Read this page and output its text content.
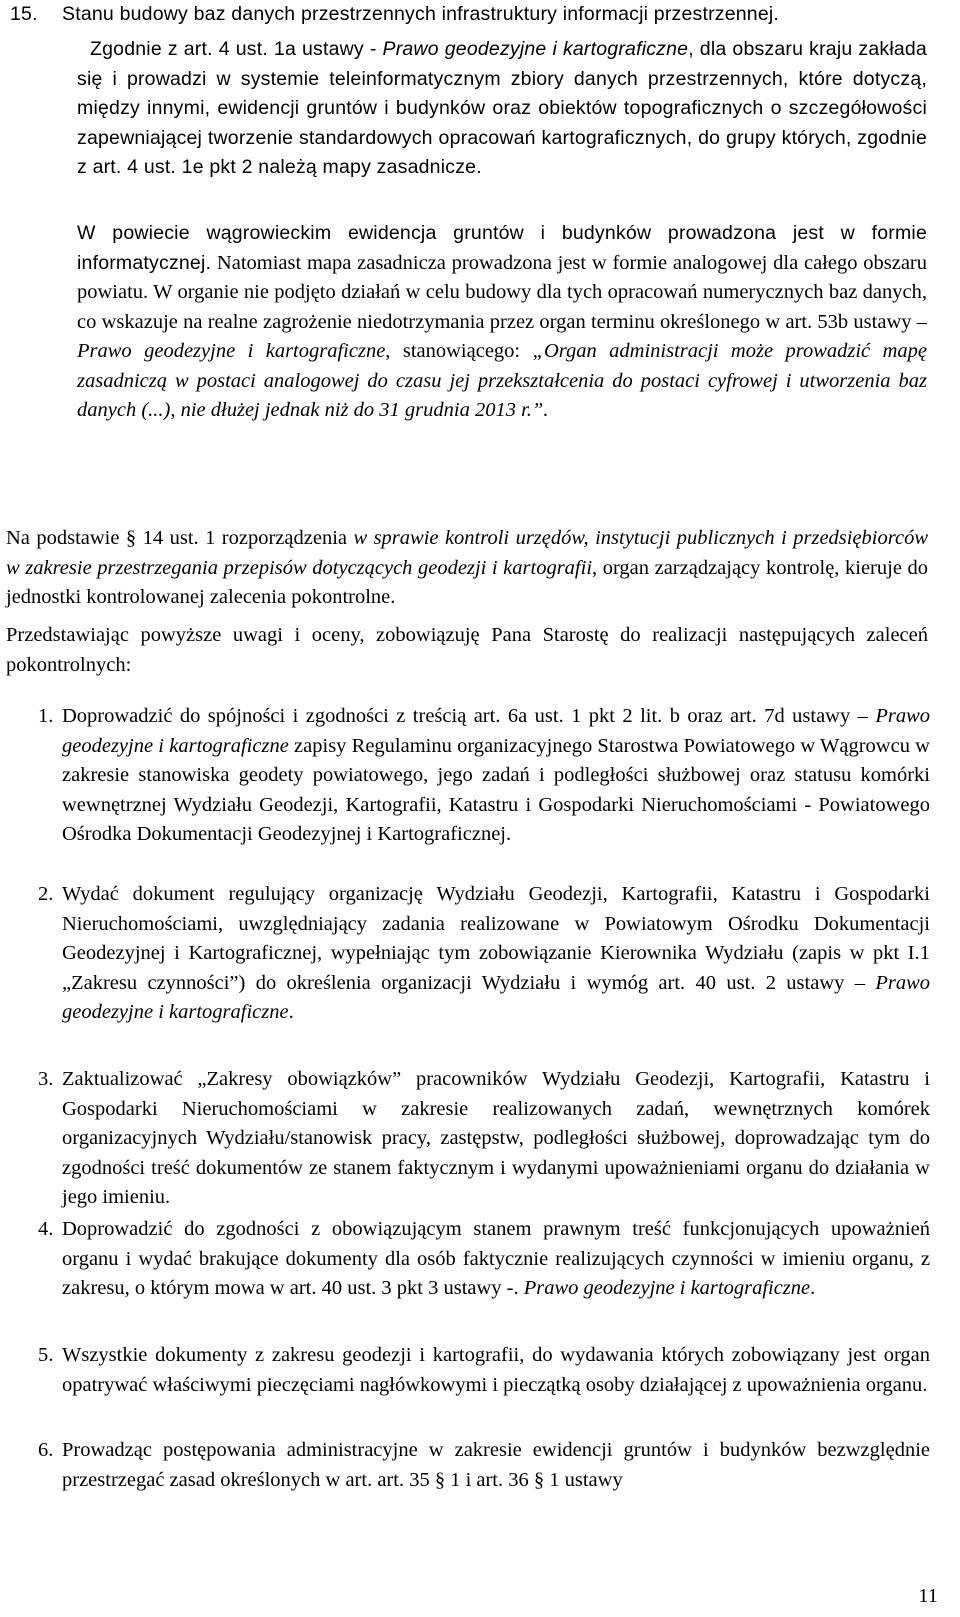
15. Stanu budowy baz danych przestrzennych infrastruktury informacji przestrzennej.

Zgodnie z art. 4 ust. 1a ustawy - Prawo geodezyjne i kartograficzne, dla obszaru kraju zakłada się i prowadzi w systemie teleinformatycznym zbiory danych przestrzennych, które dotyczą, między innymi, ewidencji gruntów i budynków oraz obiektów topograficznych o szczegółowości zapewniającej tworzenie standardowych opracowań kartograficznych, do grupy których, zgodnie z art. 4 ust. 1e pkt 2 należą mapy zasadnicze.

W powiecie wągrowieckim ewidencja gruntów i budynków prowadzona jest w formie informatycznej. Natomiast mapa zasadnicza prowadzona jest w formie analogowej dla całego obszaru powiatu. W organie nie podjęto działań w celu budowy dla tych opracowań numerycznych baz danych, co wskazuje na realne zagrożenie niedotrzymania przez organ terminu określonego w art. 53b ustawy – Prawo geodezyjne i kartograficzne, stanowiącego: „Organ administracji może prowadzić mapę zasadniczą w postaci analogowej do czasu jej przekształcenia do postaci cyfrowej i utworzenia baz danych (...), nie dłużej jednak niż do 31 grudnia 2013 r.”.

Na podstawie § 14 ust. 1 rozporządzenia w sprawie kontroli urzędów, instytucji publicznych i przedsiębiorców w zakresie przestrzegania przepisów dotyczących geodezji i kartografii, organ zarządzający kontrolę, kieruje do jednostki kontrolowanej zalecenia pokontrolne.

Przedstawiając powyższe uwagi i oceny, zobowiązuję Pana Starostę do realizacji następujących zaleceń pokontrolnych:

1. Doprowadzić do spójności i zgodności z treścią art. 6a ust. 1 pkt 2 lit. b oraz art. 7d ustawy – Prawo geodezyjne i kartograficzne zapisy Regulaminu organizacyjnego Starostwa Powiatowego w Wągrowcu w zakresie stanowiska geodety powiatowego, jego zadań i podległości służbowej oraz statusu komórki wewnętrznej Wydziału Geodezji, Kartografii, Katastru i Gospodarki Nieruchomościami - Powiatowego Ośrodka Dokumentacji Geodezyjnej i Kartograficznej.
2. Wydać dokument regulujący organizację Wydziału Geodezji, Kartografii, Katastru i Gospodarki Nieruchomościami, uwzględniający zadania realizowane w Powiatowym Ośrodku Dokumentacji Geodezyjnej i Kartograficznej, wypełniając tym zobowiązanie Kierownika Wydziału (zapis w pkt I.1 „Zakresu czynności”) do określenia organizacji Wydziału i wymóg art. 40 ust. 2 ustawy – Prawo geodezyjne i kartograficzne.
3. Zaktualizować „Zakresy obowiązków” pracowników Wydziału Geodezji, Kartografii, Katastru i Gospodarki Nieruchomościami w zakresie realizowanych zadań, wewnętrznych komórek organizacyjnych Wydziału/stanowisk pracy, zastępstw, podległości służbowej, doprowadzając tym do zgodności treść dokumentów ze stanem faktycznym i wydanymi upoważnieniami organu do działania w jego imieniu.
4. Doprowadzić do zgodności z obowiązującym stanem prawnym treść funkcjonujących upoważnień organu i wydać brakujące dokumenty dla osób faktycznie realizujących czynności w imieniu organu, z zakresu, o którym mowa w art. 40 ust. 3 pkt 3 ustawy -. Prawo geodezyjne i kartograficzne.
5. Wszystkie dokumenty z zakresu geodezji i kartografii, do wydawania których zobowiązany jest organ opatrywać właściwymi pieczęciami nagłówkowymi i pieczątką osoby działającej z upoważnienia organu.
6. Prowadząc postępowania administracyjne w zakresie ewidencji gruntów i budynków bezwzględnie przestrzegać zasad określonych w art. art. 35 § 1 i art. 36 § 1 ustawy
11
